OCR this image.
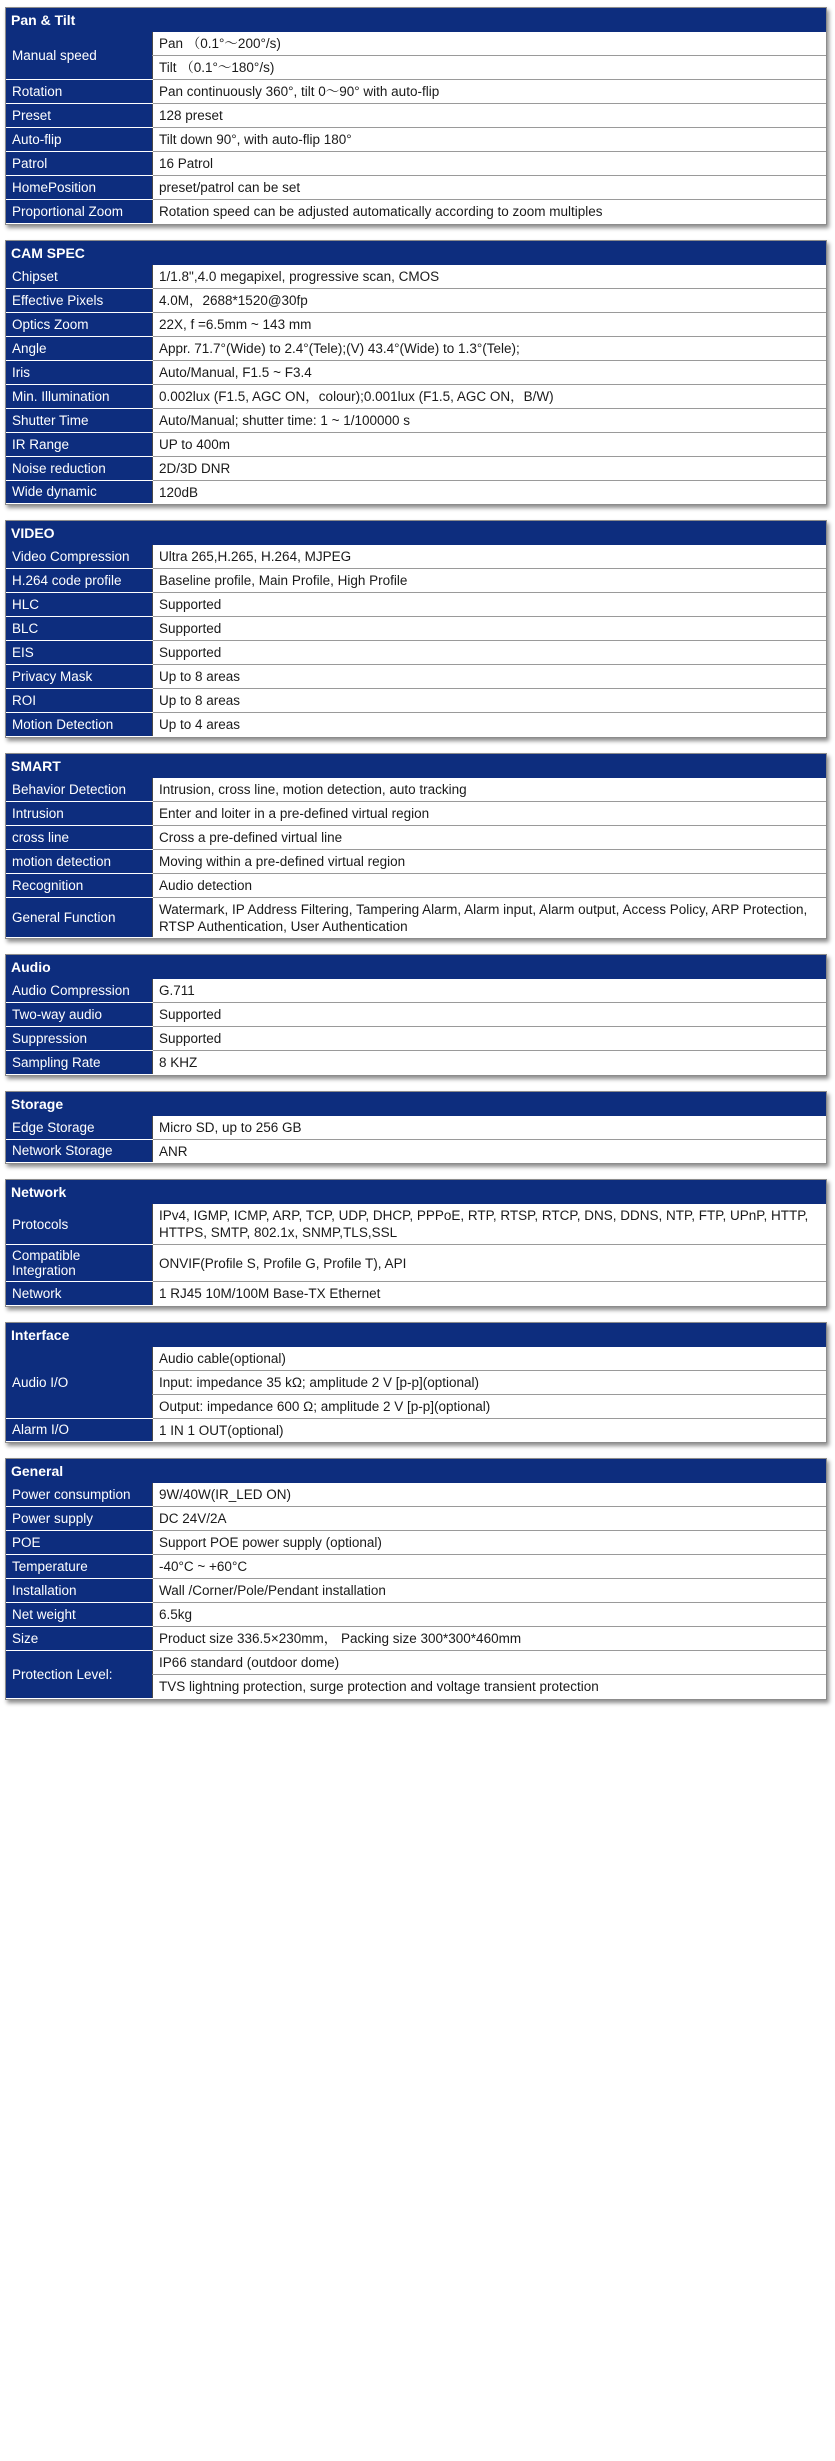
Pan & Tilt
Manual speed	Pan （0.1°～200°/s)
	Tilt （0.1°～180°/s)
Rotation	Pan continuously 360°, tilt 0～90° with auto-flip
Preset	128 preset
Auto-flip	Tilt down 90°, with auto-flip 180°
Patrol	16 Patrol
HomePosition	preset/patrol can be set
Proportional Zoom	Rotation speed can be adjusted automatically according to zoom multiples
CAM SPEC
Chipset	1/1.8",4.0 megapixel, progressive scan, CMOS
Effective Pixels	4.0M，2688*1520@30fp
Optics Zoom	22X, f =6.5mm ~ 143 mm
Angle	Appr. 71.7°(Wide) to 2.4°(Tele);(V) 43.4°(Wide) to 1.3°(Tele);
Iris	Auto/Manual, F1.5 ~ F3.4
Min. Illumination	0.002lux (F1.5, AGC ON，colour);0.001lux (F1.5, AGC ON，B/W)
Shutter Time	Auto/Manual; shutter time: 1 ~ 1/100000 s
IR Range	UP to 400m
Noise reduction	2D/3D DNR
Wide dynamic	120dB
VIDEO
Video Compression	Ultra 265,H.265, H.264, MJPEG
H.264 code profile	Baseline profile, Main Profile, High Profile
HLC	Supported
BLC	Supported
EIS	Supported
Privacy Mask	Up to 8 areas
ROI	Up to 8 areas
Motion Detection	Up to 4 areas
SMART
Behavior Detection	Intrusion, cross line, motion detection, auto tracking
Intrusion	Enter and loiter in a pre-defined virtual region
cross line	Cross a pre-defined virtual line
motion detection	Moving within a pre-defined virtual region
Recognition	Audio detection
General Function	Watermark, IP Address Filtering, Tampering Alarm, Alarm input, Alarm output, Access Policy, ARP Protection, RTSP Authentication, User Authentication
Audio
Audio Compression	G.711
Two-way audio	Supported
Suppression	Supported
Sampling Rate	8 KHZ
Storage
Edge Storage	Micro SD, up to 256 GB
Network Storage	ANR
Network
Protocols	IPv4, IGMP, ICMP, ARP, TCP, UDP, DHCP, PPPoE, RTP, RTSP, RTCP, DNS, DDNS, NTP, FTP, UPnP, HTTP, HTTPS, SMTP, 802.1x, SNMP,TLS,SSL
Compatible Integration	ONVIF(Profile S, Profile G, Profile T), API
Network	1 RJ45 10M/100M Base-TX Ethernet
Interface
Audio I/O	Audio cable(optional)
	Input: impedance 35 kΩ; amplitude 2 V [p-p](optional)
	Output: impedance 600 Ω; amplitude 2 V [p-p](optional)
Alarm I/O	1 IN 1 OUT(optional)
General
Power consumption	9W/40W(IR_LED ON)
Power supply	DC 24V/2A
POE	Support POE power supply (optional)
Temperature	-40°C ~ +60°C
Installation	Wall /Corner/Pole/Pendant installation
Net weight	6.5kg
Size	Product size 336.5×230mm， Packing size 300*300*460mm
Protection Level:	IP66 standard (outdoor dome)
	TVS lightning protection, surge protection and voltage transient protection
